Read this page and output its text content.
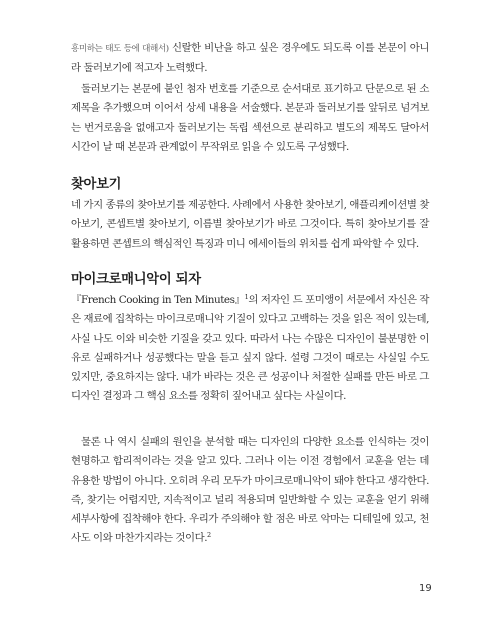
흥미하는 태도 등에 대해서) 신랄한 비난을 하고 싶은 경우에도 되도록 이를 본문이 아니라 둘러보기에 적고자 노력했다.

둘러보기는 본문에 붙인 첨자 번호를 기준으로 순서대로 표기하고 단문으로 된 소제목을 추가했으며 이어서 상세 내용을 서술했다. 본문과 둘러보기를 앞뒤로 넘겨보는 번거로움을 없애고자 둘러보기는 독립 섹션으로 분리하고 별도의 제목도 달아서 시간이 날 때 본문과 관계없이 무작위로 읽을 수 있도록 구성했다.

찾아보기

네 가지 종류의 찾아보기를 제공한다. 사례에서 사용한 찾아보기, 애플리케이션별 찾아보기, 콘셉트별 찾아보기, 이름별 찾아보기가 바로 그것이다. 특히 찾아보기를 잘 활용하면 콘셉트의 핵심적인 특징과 미니 에세이들의 위치를 쉽게 파악할 수 있다.

마이크로매니악이 되자

『French Cooking in Ten Minutes』$^1$의 저자인 드 포미앵이 서문에서 자신은 작은 재료에 집착하는 마이크로매니악 기질이 있다고 고백하는 것을 읽은 적이 있는데, 사실 나도 이와 비슷한 기질을 갖고 있다. 따라서 나는 수많은 디자인이 불분명한 이유로 실패하거나 성공했다는 말을 듣고 싶지 않다. 설령 그것이 때로는 사실일 수도 있지만, 중요하지는 않다. 내가 바라는 것은 큰 성공이나 처절한 실패를 만든 바로 그 디자인 결정과 그 핵심 요소를 정확히 짚어내고 싶다는 사실이다.

물론 나 역시 실패의 원인을 분석할 때는 디자인의 다양한 요소를 인식하는 것이 현명하고 합리적이라는 것을 알고 있다. 그러나 이는 이전 경험에서 교훈을 얻는 데 유용한 방법이 아니다. 오히려 우리 모두가 마이크로매니악이 돼야 한다고 생각한다. 즉, 찾기는 어렵지만, 지속적이고 널리 적용되며 일반화할 수 있는 교훈을 얻기 위해 세부사항에 집착해야 한다. 우리가 주의해야 할 점은 바로 악마는 디테일에 있고, 천사도 이와 마찬가지라는 것이다.$^2$

19
